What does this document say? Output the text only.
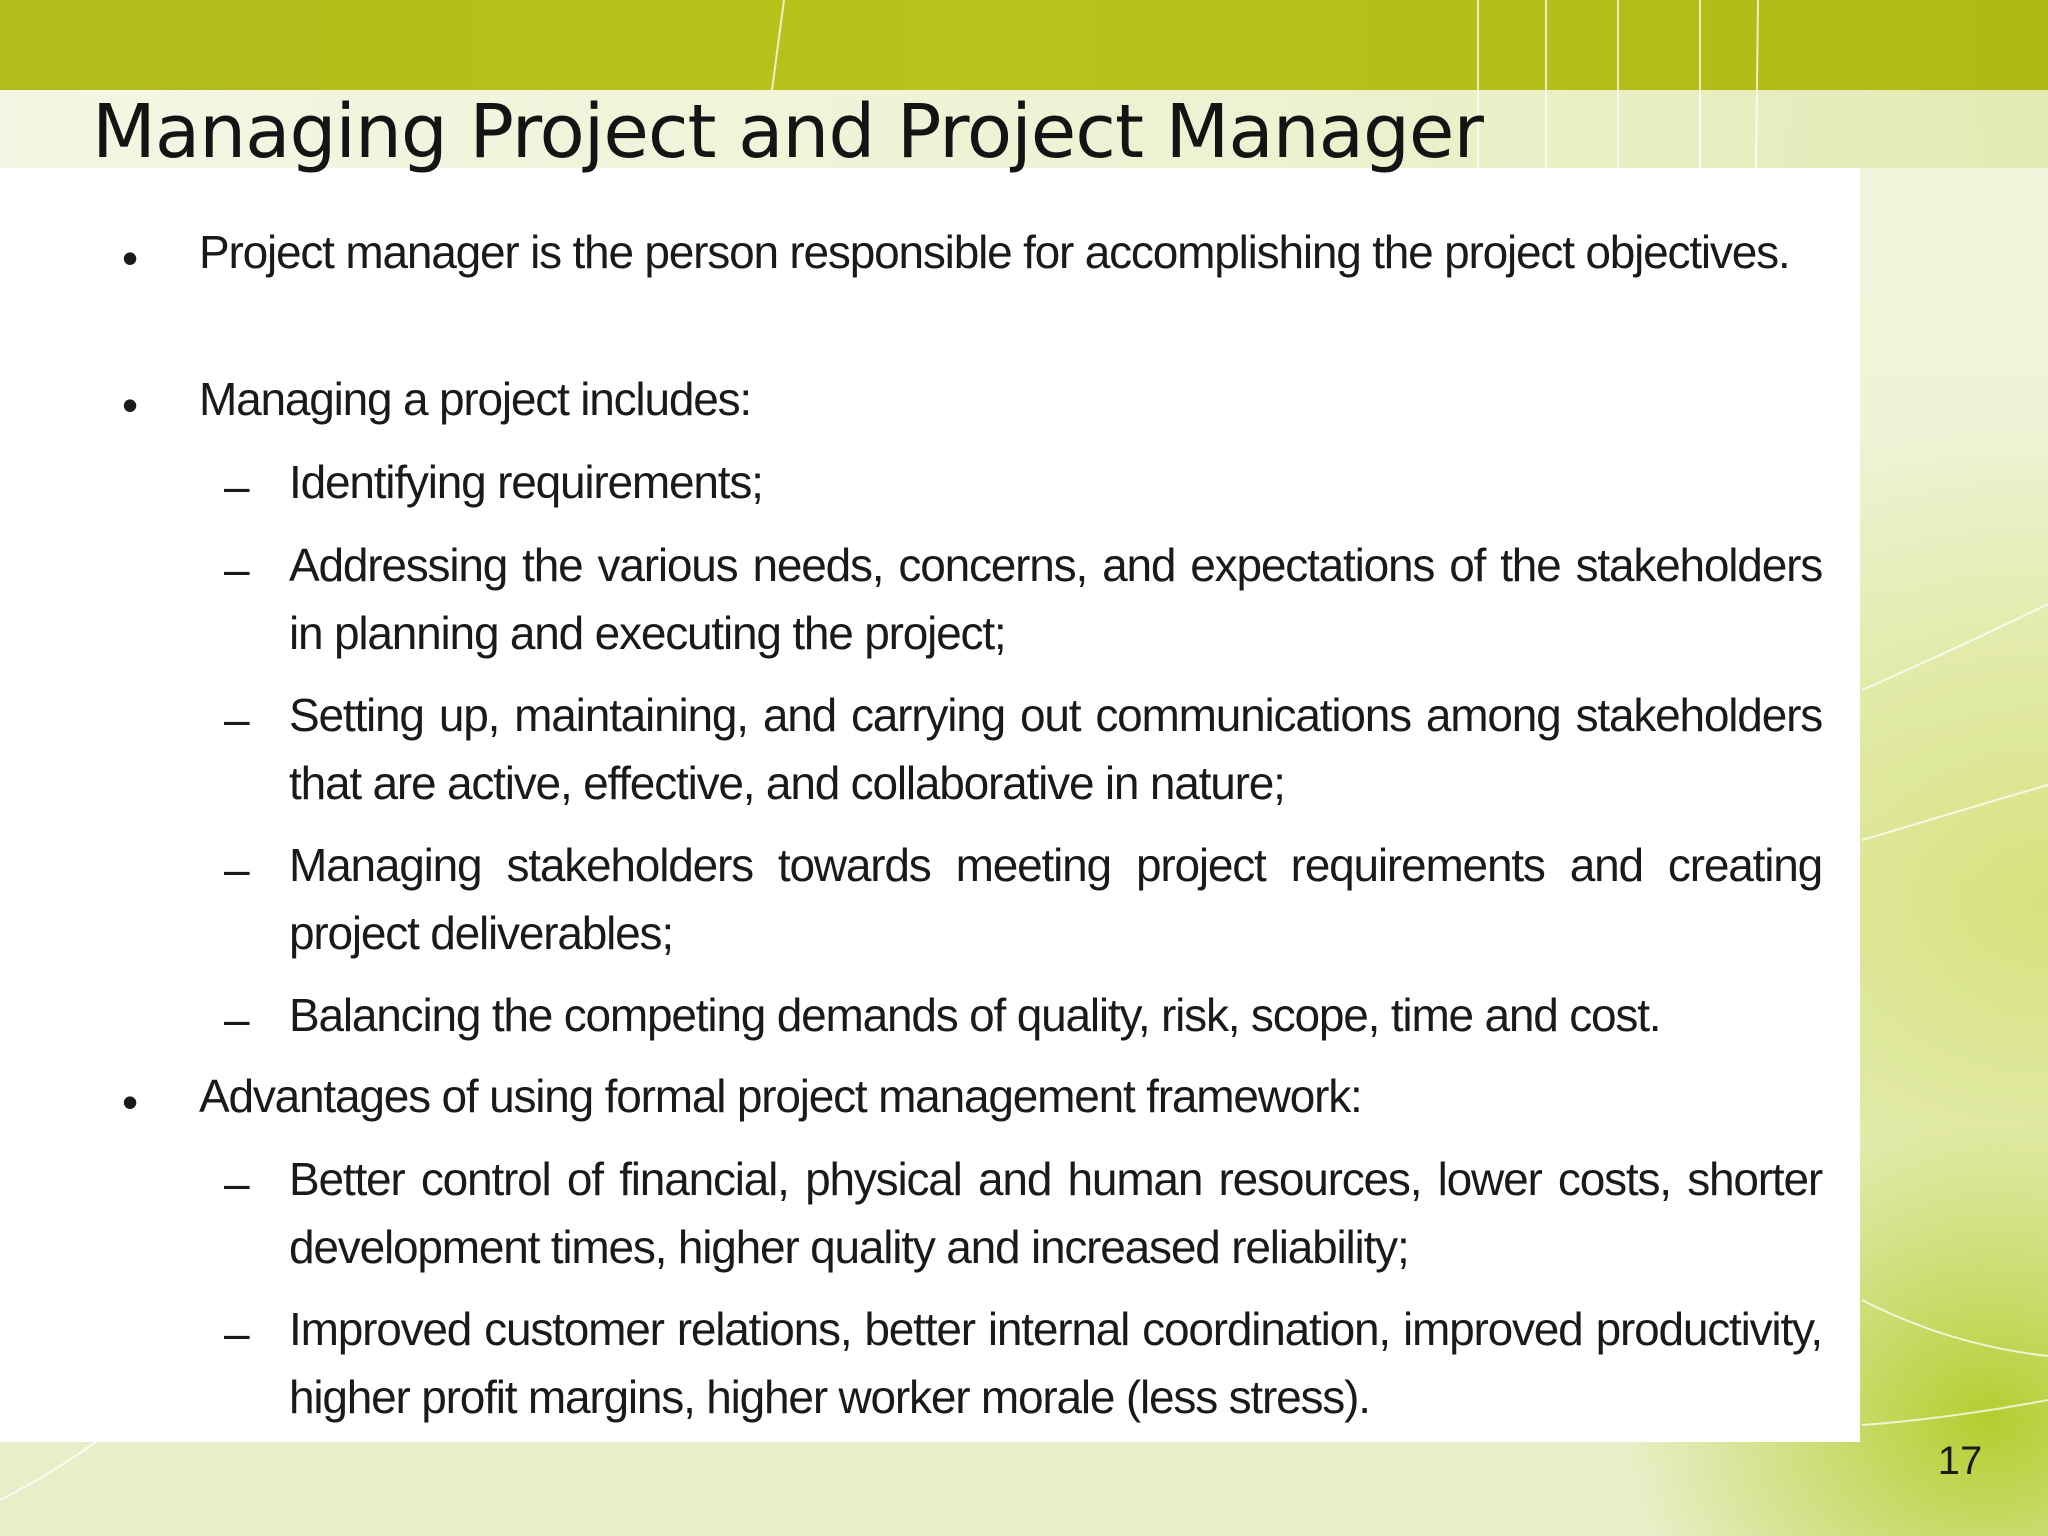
Managing Project and Project Manager
• Project manager is the person responsible for accomplishing the project objectives.

• Managing a project includes:

– Identifying requirements;

– Addressing the various needs, concerns, and expectations of the stakeholders in planning and executing the project;

– Setting up, maintaining, and carrying out communications among stakeholders that are active, effective, and collaborative in nature;

– Managing stakeholders towards meeting project requirements and creating project deliverables;

– Balancing the competing demands of quality, risk, scope, time and cost.

• Advantages of using formal project management framework:

– Better control of financial, physical and human resources, lower costs, shorter development times, higher quality and increased reliability;

– Improved customer relations, better internal coordination, improved productivity, higher profit margins, higher worker morale (less stress).

17
